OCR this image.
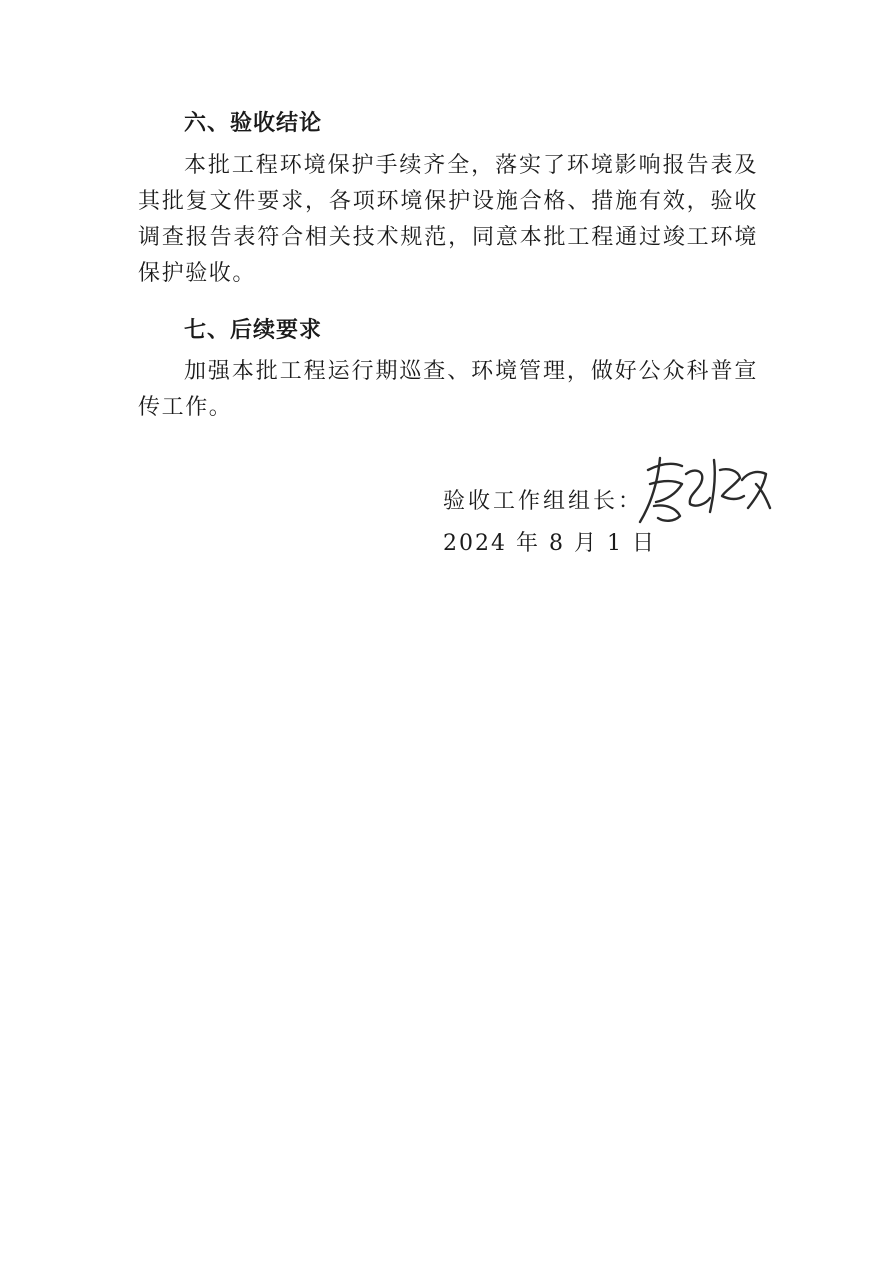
六、验收结论

本批工程环境保护手续齐全，落实了环境影响报告表及其批复文件要求，各项环境保护设施合格、措施有效，验收调查报告表符合相关技术规范，同意本批工程通过竣工环境保护验收。

七、后续要求

加强本批工程运行期巡查、环境管理，做好公众科普宣传工作。

验收工作组组长：
2024 年 8 月 1 日
